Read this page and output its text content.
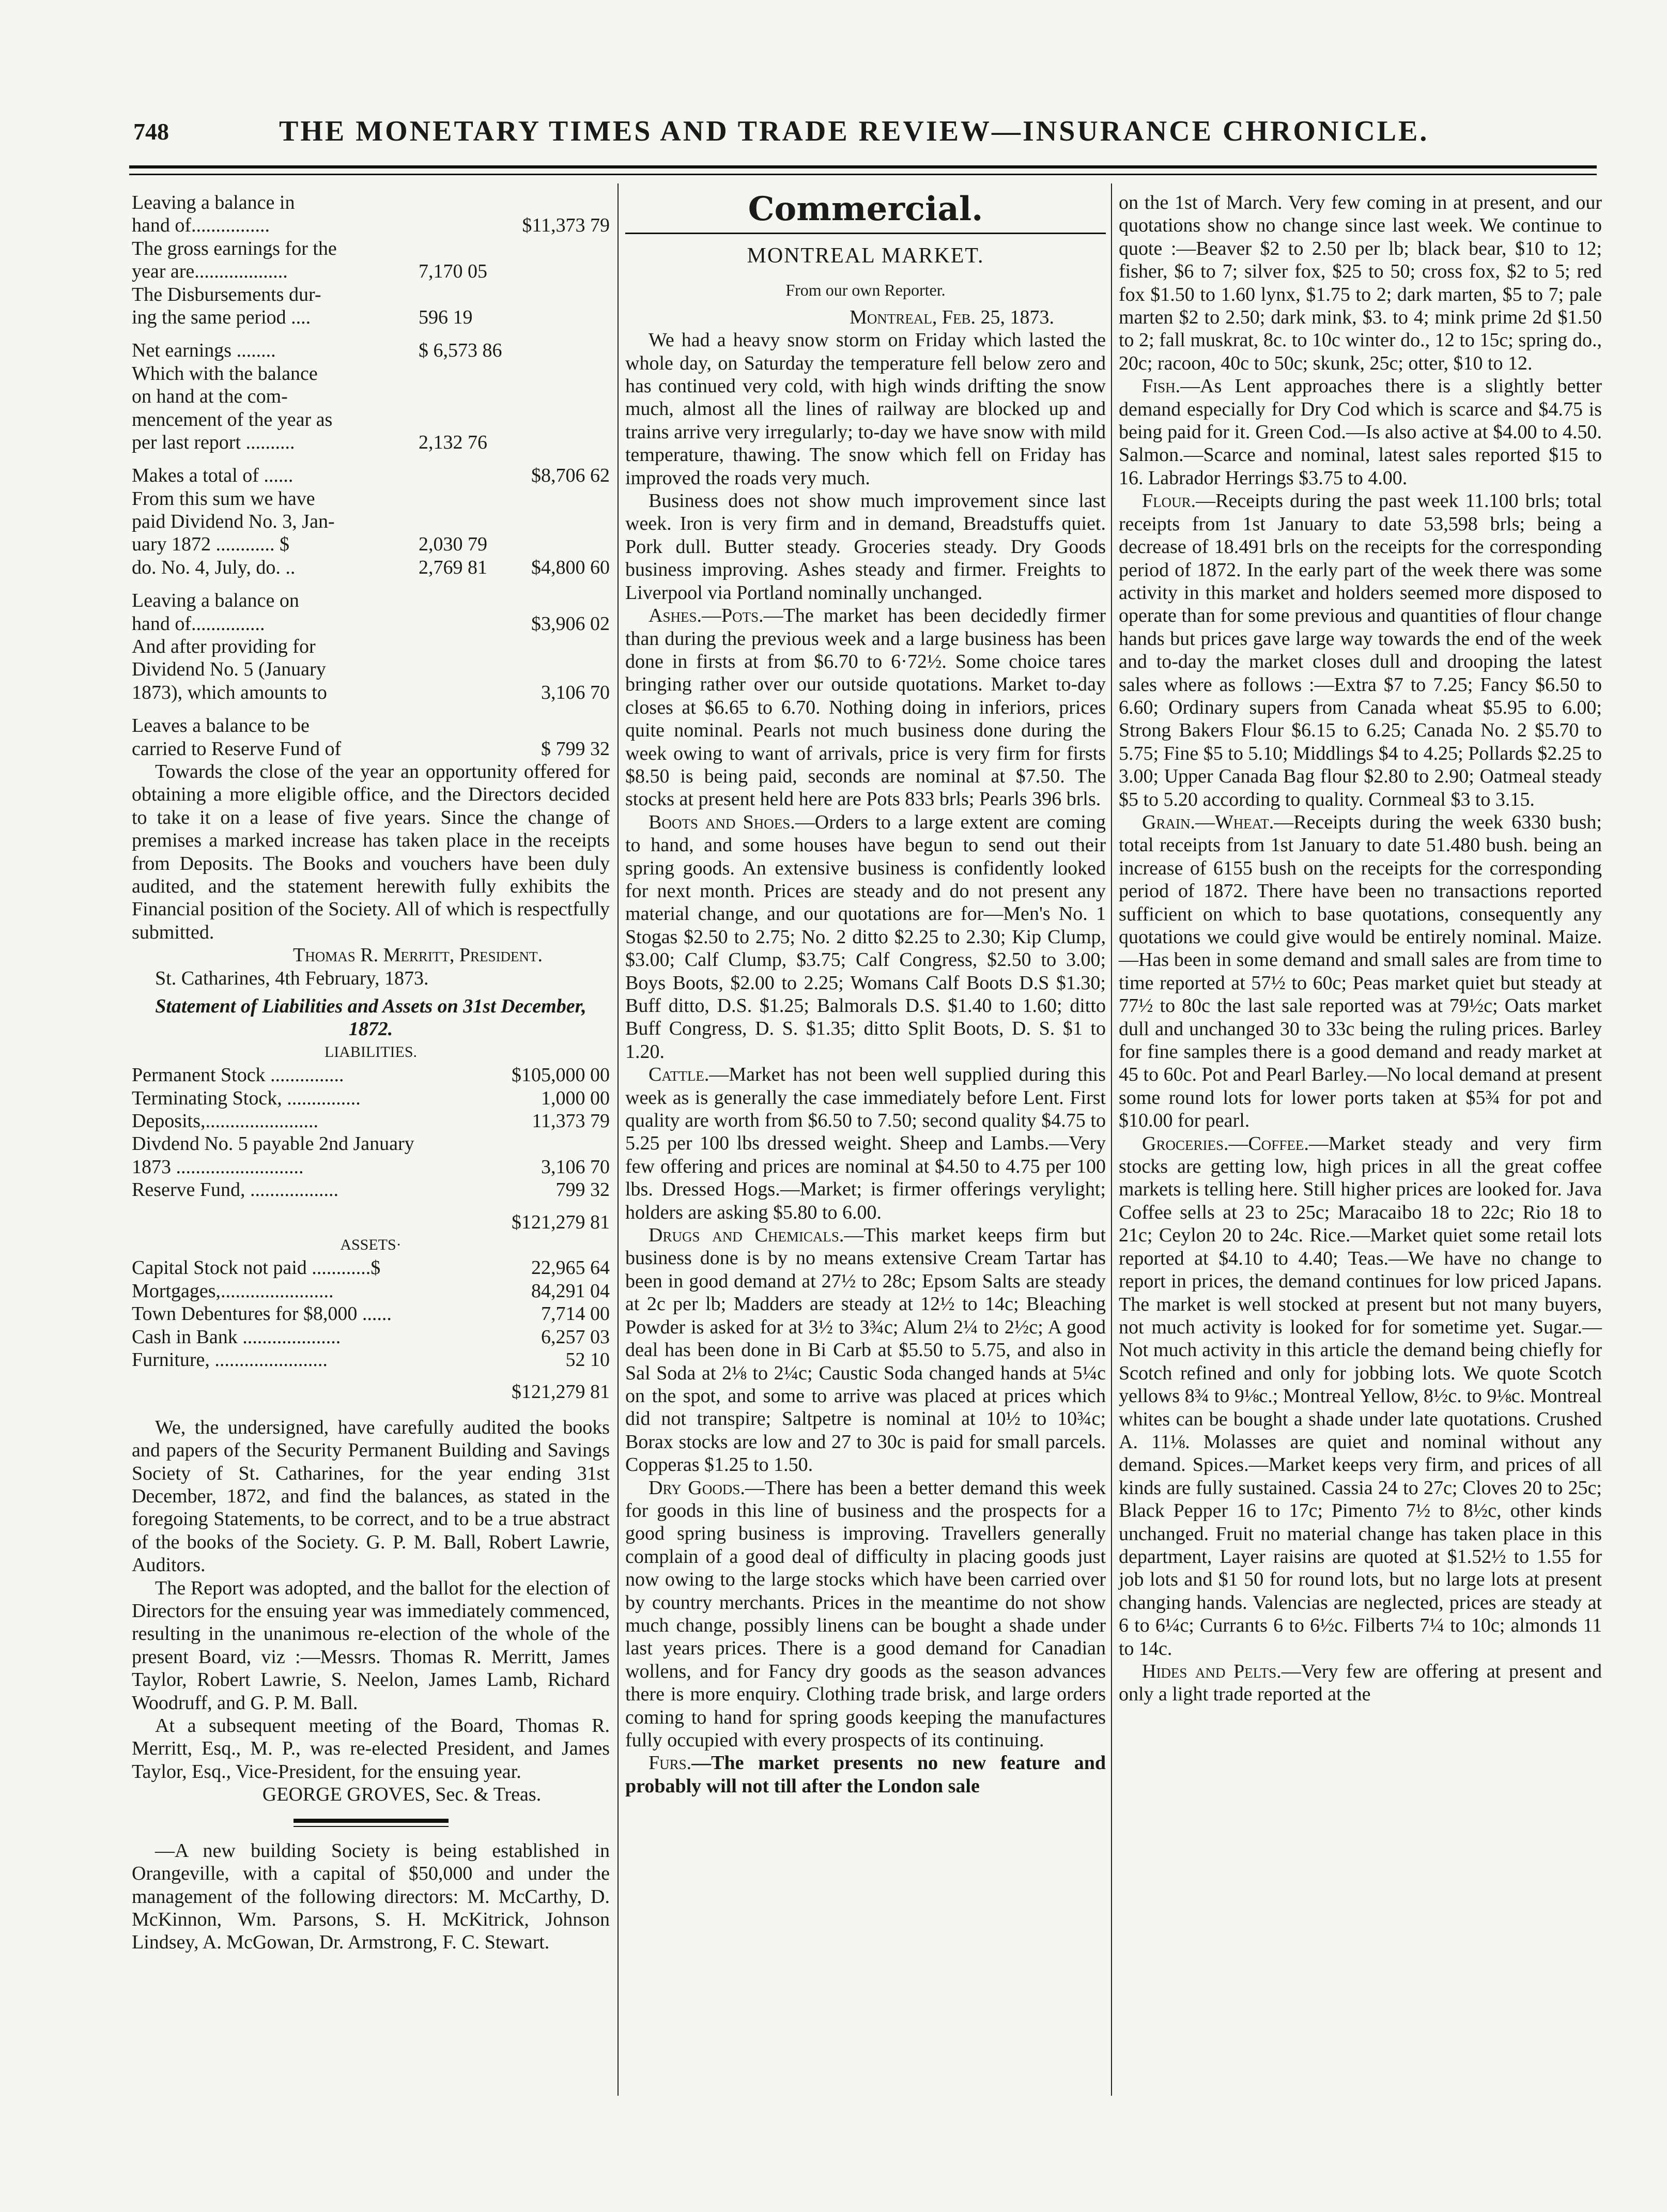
748	THE MONETARY TIMES AND TRADE REVIEW—INSURANCE CHRONICLE.
Leaving a balance in
hand of................	$11,373 79
The gross earnings for the
year are...................	7,170 05
The Disbursements dur-
ing the same period ....	596 19
Net earnings ........	$ 6,573 86
Which with the balance
on hand at the com-
mencement of the year as
per last report ..........	2,132 76
Makes a total of ......	$8,706 62
From this sum we have
paid Dividend No. 3, Jan-
uary 1872 ............ $	2,030 79
do. No. 4, July, do. ..	2,769 81 $4,800 60
Leaving a balance on
hand of...............	$3,906 02
And after providing for
Dividend No. 5 (January
1873), which amounts to	3,106 70
Leaves a balance to be
carried to Reserve Fund of	$ 799 32

Towards the close of the year an opportunity offered for obtaining a more eligible office, and the Directors decided to take it on a lease of five years. Since the change of premises a marked increase has taken place in the receipts from Deposits. The Books and vouchers have been duly audited, and the statement herewith fully exhibits the Financial position of the Society. All of which is respectfully submitted.

Thomas R. Merritt, President.
St. Catharines, 4th February, 1873.
Statement of Liabilities and Assets on 31st December, 1872.
LIABILITIES.
Permanent Stock ...............	$105,000 00
Terminating Stock, ...............	1,000 00
Deposits,.......................	11,373 79
Divdend No. 5 payable 2nd January
1873 ..........................	3,106 70
Reserve Fund, ..................	799 32
$121,279 81
ASSETS·
Capital Stock not paid ............$	22,965 64
Mortgages,.......................	84,291 04
Town Debentures for $8,000 ......	7,714 00
Cash in Bank ....................	6,257 03
Furniture, .......................	52 10
$121,279 81

We, the undersigned, have carefully audited the books and papers of the Security Permanent Building and Savings Society of St. Catharines, for the year ending 31st December, 1872, and find the balances, as stated in the foregoing Statements, to be correct, and to be a true abstract of the books of the Society. G. P. M. Ball, Robert Lawrie, Auditors.

The Report was adopted, and the ballot for the election of Directors for the ensuing year was immediately commenced, resulting in the unanimous re-election of the whole of the present Board, viz :—Messrs. Thomas R. Merritt, James Taylor, Robert Lawrie, S. Neelon, James Lamb, Richard Woodruff, and G. P. M. Ball.

At a subsequent meeting of the Board, Thomas R. Merritt, Esq., M. P., was re-elected President, and James Taylor, Esq., Vice-President, for the ensuing year.

GEORGE GROVES, Sec. & Treas.

—A new building Society is being established in Orangeville, with a capital of $50,000 and under the management of the following directors: M. McCarthy, D. McKinnon, Wm. Parsons, S. H. McKitrick, Johnson Lindsey, A. McGowan, Dr. Armstrong, F. C. Stewart.

Commercial.
MONTREAL MARKET.
From our own Reporter.
Montreal, Feb. 25, 1873.

We had a heavy snow storm on Friday which lasted the whole day, on Saturday the temperature fell below zero and has continued very cold, with high winds drifting the snow much, almost all the lines of railway are blocked up and trains arrive very irregularly; to-day we have snow with mild temperature, thawing. The snow which fell on Friday has improved the roads very much.

Business does not show much improvement since last week. Iron is very firm and in demand, Breadstuffs quiet. Pork dull. Butter steady. Groceries steady. Dry Goods business improving. Ashes steady and firmer. Freights to Liverpool via Portland nominally unchanged.

Ashes.—Pots.—The market has been decidedly firmer than during the previous week and a large business has been done in firsts at from $6.70 to 6·72½. Some choice tares bringing rather over our outside quotations. Market to-day closes at $6.65 to 6.70. Nothing doing in inferiors, prices quite nominal. Pearls not much business done during the week owing to want of arrivals, price is very firm for firsts $8.50 is being paid, seconds are nominal at $7.50. The stocks at present held here are Pots 833 brls; Pearls 396 brls.

Boots and Shoes.—Orders to a large extent are coming to hand, and some houses have begun to send out their spring goods. An extensive business is confidently looked for next month. Prices are steady and do not present any material change, and our quotations are for—Men's No. 1 Stogas $2.50 to 2.75; No. 2 ditto $2.25 to 2.30; Kip Clump, $3.00; Calf Clump, $3.75; Calf Congress, $2.50 to 3.00; Boys Boots, $2.00 to 2.25; Womans Calf Boots D.S $1.30; Buff ditto, D.S. $1.25; Balmorals D.S. $1.40 to 1.60; ditto Buff Congress, D. S. $1.35; ditto Split Boots, D. S. $1 to 1.20.

Cattle.—Market has not been well supplied during this week as is generally the case immediately before Lent. First quality are worth from $6.50 to 7.50; second quality $4.75 to 5.25 per 100 lbs dressed weight. Sheep and Lambs.—Very few offering and prices are nominal at $4.50 to 4.75 per 100 lbs. Dressed Hogs.—Market; is firmer offerings verylight; holders are asking $5.80 to 6.00.

Drugs and Chemicals.—This market keeps firm but business done is by no means extensive Cream Tartar has been in good demand at 27½ to 28c; Epsom Salts are steady at 2c per lb; Madders are steady at 12½ to 14c; Bleaching Powder is asked for at 3½ to 3¾c; Alum 2¼ to 2½c; A good deal has been done in Bi Carb at $5.50 to 5.75, and also in Sal Soda at 2⅛ to 2¼c; Caustic Soda changed hands at 5¼c on the spot, and some to arrive was placed at prices which did not transpire; Saltpetre is nominal at 10½ to 10¾c; Borax stocks are low and 27 to 30c is paid for small parcels. Copperas $1.25 to 1.50.

Dry Goods.—There has been a better demand this week for goods in this line of business and the prospects for a good spring business is improving. Travellers generally complain of a good deal of difficulty in placing goods just now owing to the large stocks which have been carried over by country merchants. Prices in the meantime do not show much change, possibly linens can be bought a shade under last years prices. There is a good demand for Canadian wollens, and for Fancy dry goods as the season advances there is more enquiry. Clothing trade brisk, and large orders coming to hand for spring goods keeping the manufactures fully occupied with every prospects of its continuing.

Furs.—The market presents no new feature and probably will not till after the London sale

on the 1st of March. Very few coming in at present, and our quotations show no change since last week. We continue to quote :—Beaver $2 to 2.50 per lb; black bear, $10 to 12; fisher, $6 to 7; silver fox, $25 to 50; cross fox, $2 to 5; red fox $1.50 to 1.60 lynx, $1.75 to 2; dark marten, $5 to 7; pale marten $2 to 2.50; dark mink, $3. to 4; mink prime 2d $1.50 to 2; fall muskrat, 8c. to 10c winter do., 12 to 15c; spring do., 20c; racoon, 40c to 50c; skunk, 25c; otter, $10 to 12.

Fish.—As Lent approaches there is a slightly better demand especially for Dry Cod which is scarce and $4.75 is being paid for it. Green Cod.—Is also active at $4.00 to 4.50. Salmon.—Scarce and nominal, latest sales reported $15 to 16. Labrador Herrings $3.75 to 4.00.

Flour.—Receipts during the past week 11.100 brls; total receipts from 1st January to date 53,598 brls; being a decrease of 18.491 brls on the receipts for the corresponding period of 1872. In the early part of the week there was some activity in this market and holders seemed more disposed to operate than for some previous and quantities of flour change hands but prices gave large way towards the end of the week and to-day the market closes dull and drooping the latest sales where as follows :—Extra $7 to 7.25; Fancy $6.50 to 6.60; Ordinary supers from Canada wheat $5.95 to 6.00; Strong Bakers Flour $6.15 to 6.25; Canada No. 2 $5.70 to 5.75; Fine $5 to 5.10; Middlings $4 to 4.25; Pollards $2.25 to 3.00; Upper Canada Bag flour $2.80 to 2.90; Oatmeal steady $5 to 5.20 according to quality. Cornmeal $3 to 3.15.

Grain.—Wheat.—Receipts during the week 6330 bush; total receipts from 1st January to date 51.480 bush. being an increase of 6155 bush on the receipts for the corresponding period of 1872. There have been no transactions reported sufficient on which to base quotations, consequently any quotations we could give would be entirely nominal. Maize.—Has been in some demand and small sales are from time to time reported at 57½ to 60c; Peas market quiet but steady at 77½ to 80c the last sale reported was at 79½c; Oats market dull and unchanged 30 to 33c being the ruling prices. Barley for fine samples there is a good demand and ready market at 45 to 60c. Pot and Pearl Barley.—No local demand at present some round lots for lower ports taken at $5¾ for pot and $10.00 for pearl.

Groceries.—Coffee.—Market steady and very firm stocks are getting low, high prices in all the great coffee markets is telling here. Still higher prices are looked for. Java Coffee sells at 23 to 25c; Maracaibo 18 to 22c; Rio 18 to 21c; Ceylon 20 to 24c. Rice.—Market quiet some retail lots reported at $4.10 to 4.40; Teas.—We have no change to report in prices, the demand continues for low priced Japans. The market is well stocked at present but not many buyers, not much activity is looked for for sometime yet. Sugar.—Not much activity in this article the demand being chiefly for Scotch refined and only for jobbing lots. We quote Scotch yellows 8¾ to 9⅛c.; Montreal Yellow, 8½c. to 9⅛c. Montreal whites can be bought a shade under late quotations. Crushed A. 11⅛. Molasses are quiet and nominal without any demand. Spices.—Market keeps very firm, and prices of all kinds are fully sustained. Cassia 24 to 27c; Cloves 20 to 25c; Black Pepper 16 to 17c; Pimento 7½ to 8½c, other kinds unchanged. Fruit no material change has taken place in this department, Layer raisins are quoted at $1.52½ to 1.55 for job lots and $1 50 for round lots, but no large lots at present changing hands. Valencias are neglected, prices are steady at 6 to 6¼c; Currants 6 to 6½c. Filberts 7¼ to 10c; almonds 11 to 14c.

Hides and Pelts.—Very few are offering at present and only a light trade reported at the
